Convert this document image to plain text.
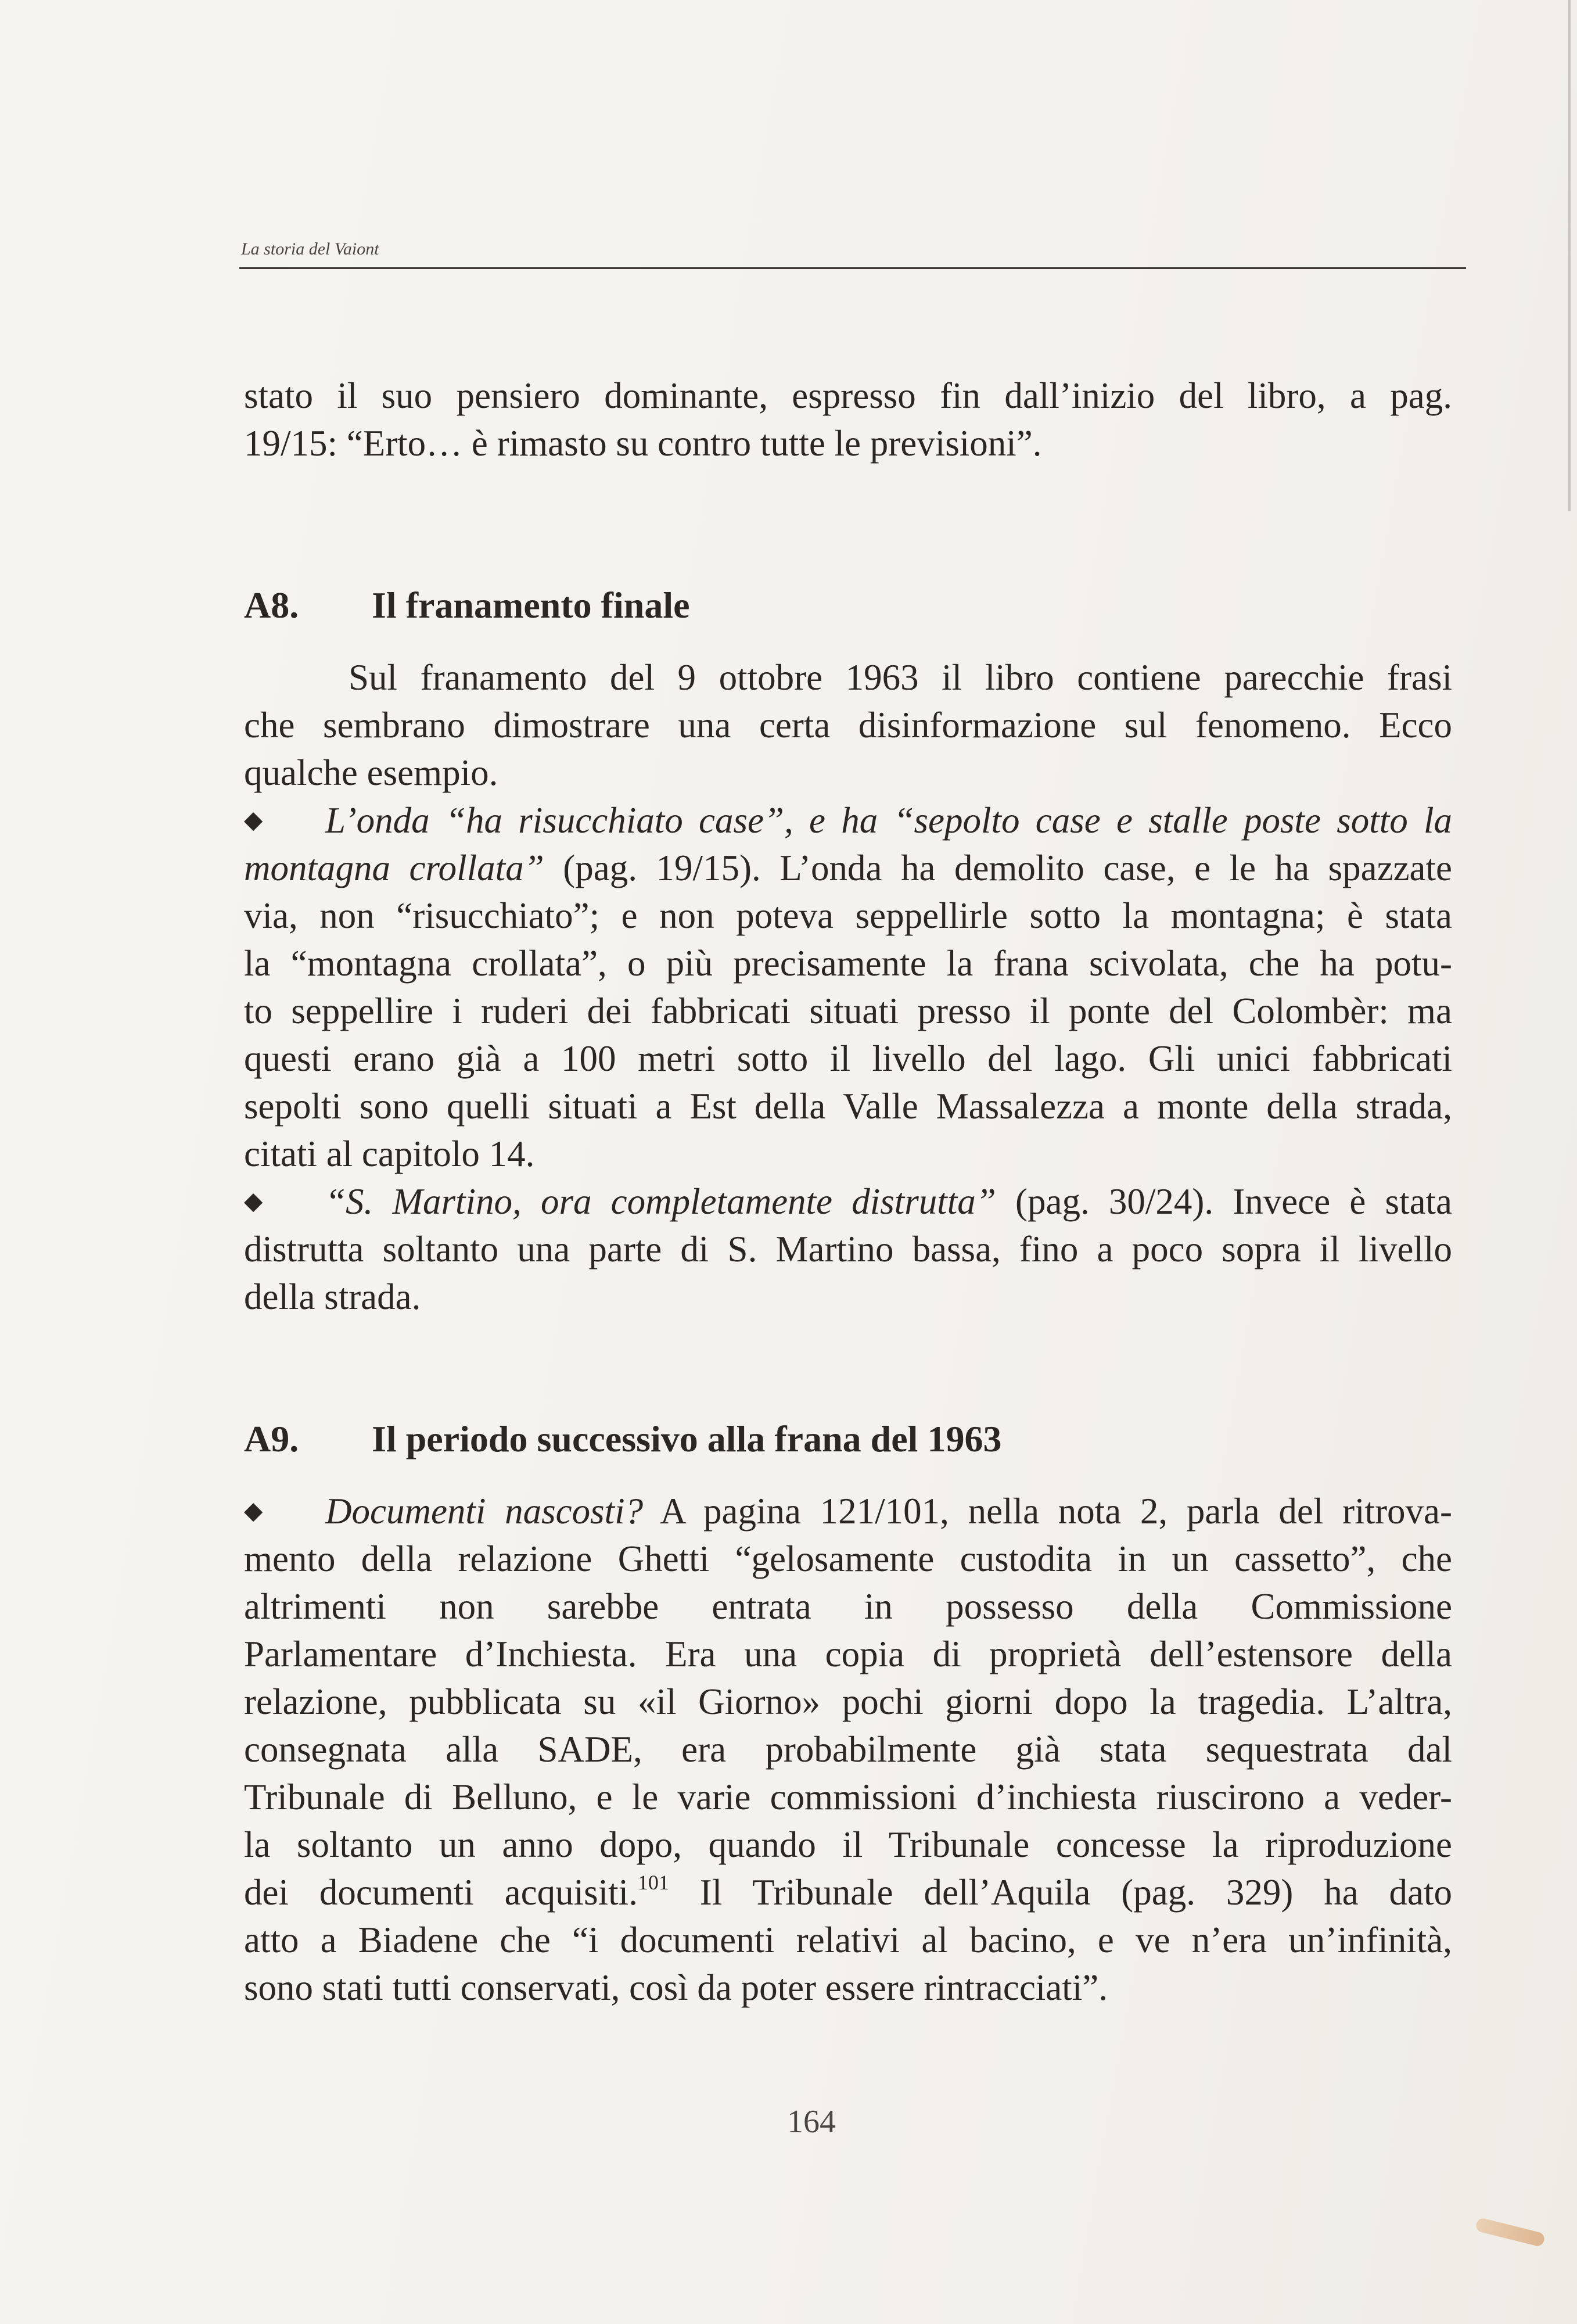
La storia del Vaiont
stato il suo pensiero dominante, espresso fin dall’inizio del libro, a pag.
19/15: “Erto… è rimasto su contro tutte le previsioni”.
A8. Il franamento finale
Sul franamento del 9 ottobre 1963 il libro contiene parecchie frasi
che sembrano dimostrare una certa disinformazione sul fenomeno. Ecco
qualche esempio.
◆ L’onda “ha risucchiato case”, e ha “sepolto case e stalle poste sotto la
montagna crollata” (pag. 19/15). L’onda ha demolito case, e le ha spazzate
via, non “risucchiato”; e non poteva seppellirle sotto la montagna; è stata
la “montagna crollata”, o più precisamente la frana scivolata, che ha potu-
to seppellire i ruderi dei fabbricati situati presso il ponte del Colombèr: ma
questi erano già a 100 metri sotto il livello del lago. Gli unici fabbricati
sepolti sono quelli situati a Est della Valle Massalezza a monte della strada,
citati al capitolo 14.
◆ “S. Martino, ora completamente distrutta” (pag. 30/24). Invece è stata
distrutta soltanto una parte di S. Martino bassa, fino a poco sopra il livello
della strada.
A9. Il periodo successivo alla frana del 1963
◆ Documenti nascosti? A pagina 121/101, nella nota 2, parla del ritrova-
mento della relazione Ghetti “gelosamente custodita in un cassetto”, che
altrimenti non sarebbe entrata in possesso della Commissione
Parlamentare d’Inchiesta. Era una copia di proprietà dell’estensore della
relazione, pubblicata su «il Giorno» pochi giorni dopo la tragedia. L’altra,
consegnata alla SADE, era probabilmente già stata sequestrata dal
Tribunale di Belluno, e le varie commissioni d’inchiesta riuscirono a veder-
la soltanto un anno dopo, quando il Tribunale concesse la riproduzione
dei documenti acquisiti.$^{101}$ Il Tribunale dell’Aquila (pag. 329) ha dato
atto a Biadene che “i documenti relativi al bacino, e ve n’era un’infinità,
sono stati tutti conservati, così da poter essere rintracciati”.
164
